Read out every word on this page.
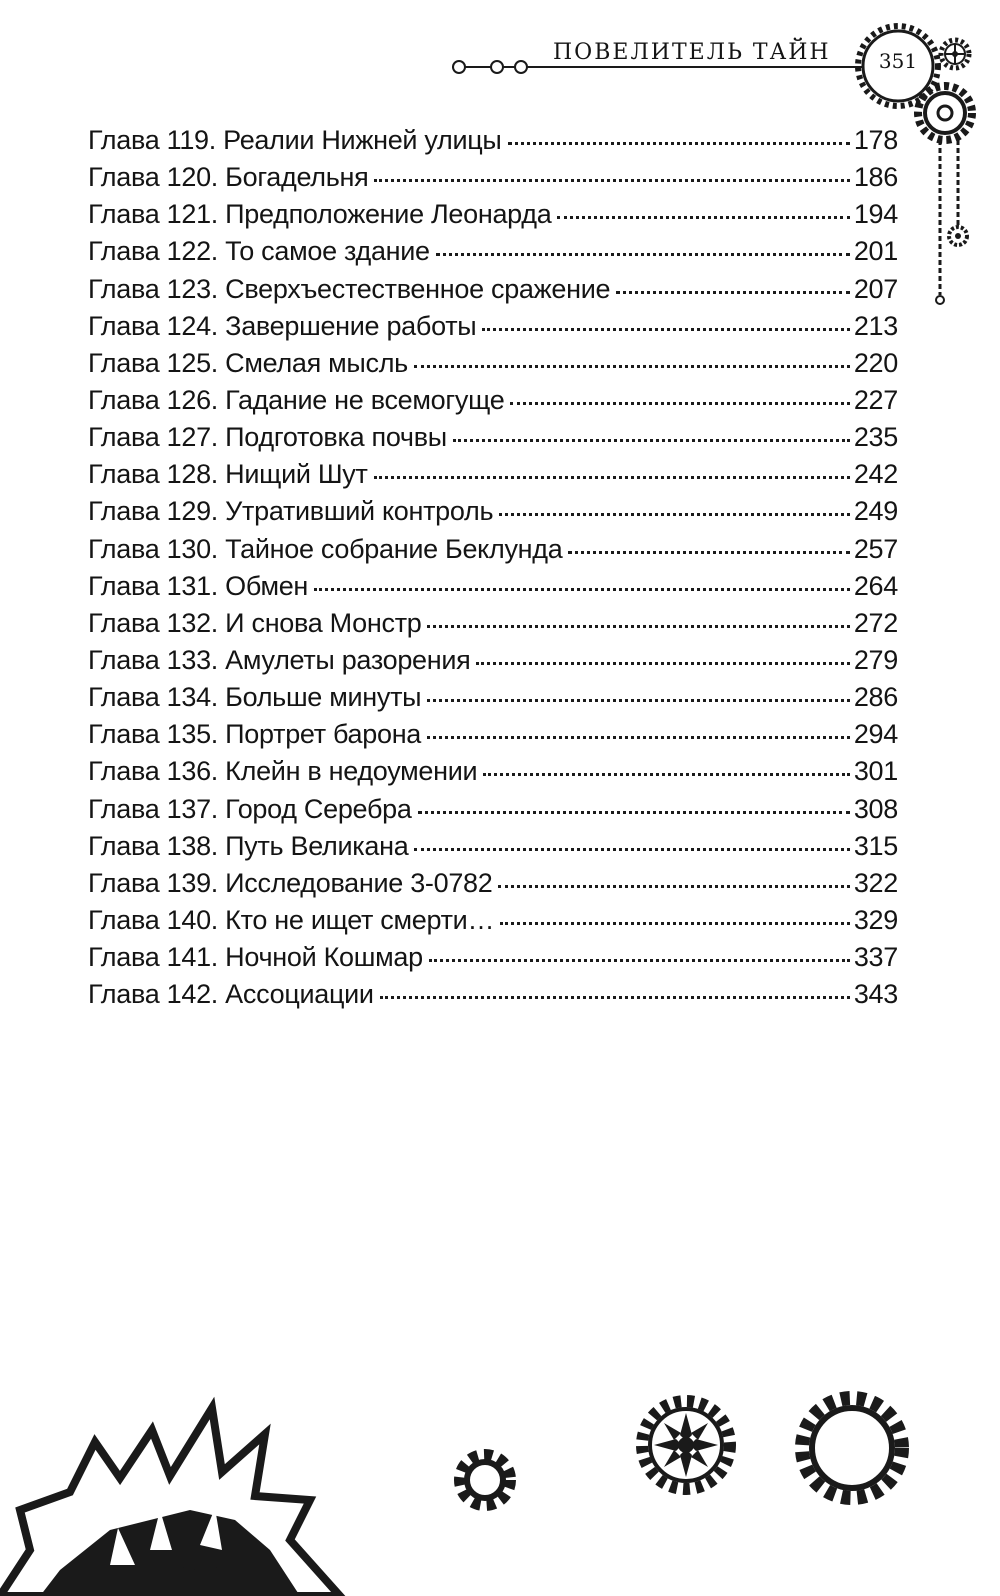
ПОВЕЛИТЕЛЬ ТАЙН	351
Глава 119. Реалии Нижней улицы	178
Глава 120. Богадельня	186
Глава 121. Предположение Леонарда	194
Глава 122. То самое здание	201
Глава 123. Сверхъестественное сражение	207
Глава 124. Завершение работы	213
Глава 125. Смелая мысль	220
Глава 126. Гадание не всемогуще	227
Глава 127. Подготовка почвы	235
Глава 128. Нищий Шут	242
Глава 129. Утративший контроль	249
Глава 130. Тайное собрание Беклунда	257
Глава 131. Обмен	264
Глава 132. И снова Монстр	272
Глава 133. Амулеты разорения	279
Глава 134. Больше минуты	286
Глава 135. Портрет барона	294
Глава 136. Клейн в недоумении	301
Глава 137. Город Серебра	308
Глава 138. Путь Великана	315
Глава 139. Исследование 3-0782	322
Глава 140. Кто не ищет смерти…	329
Глава 141. Ночной Кошмар	337
Глава 142. Ассоциации	343
